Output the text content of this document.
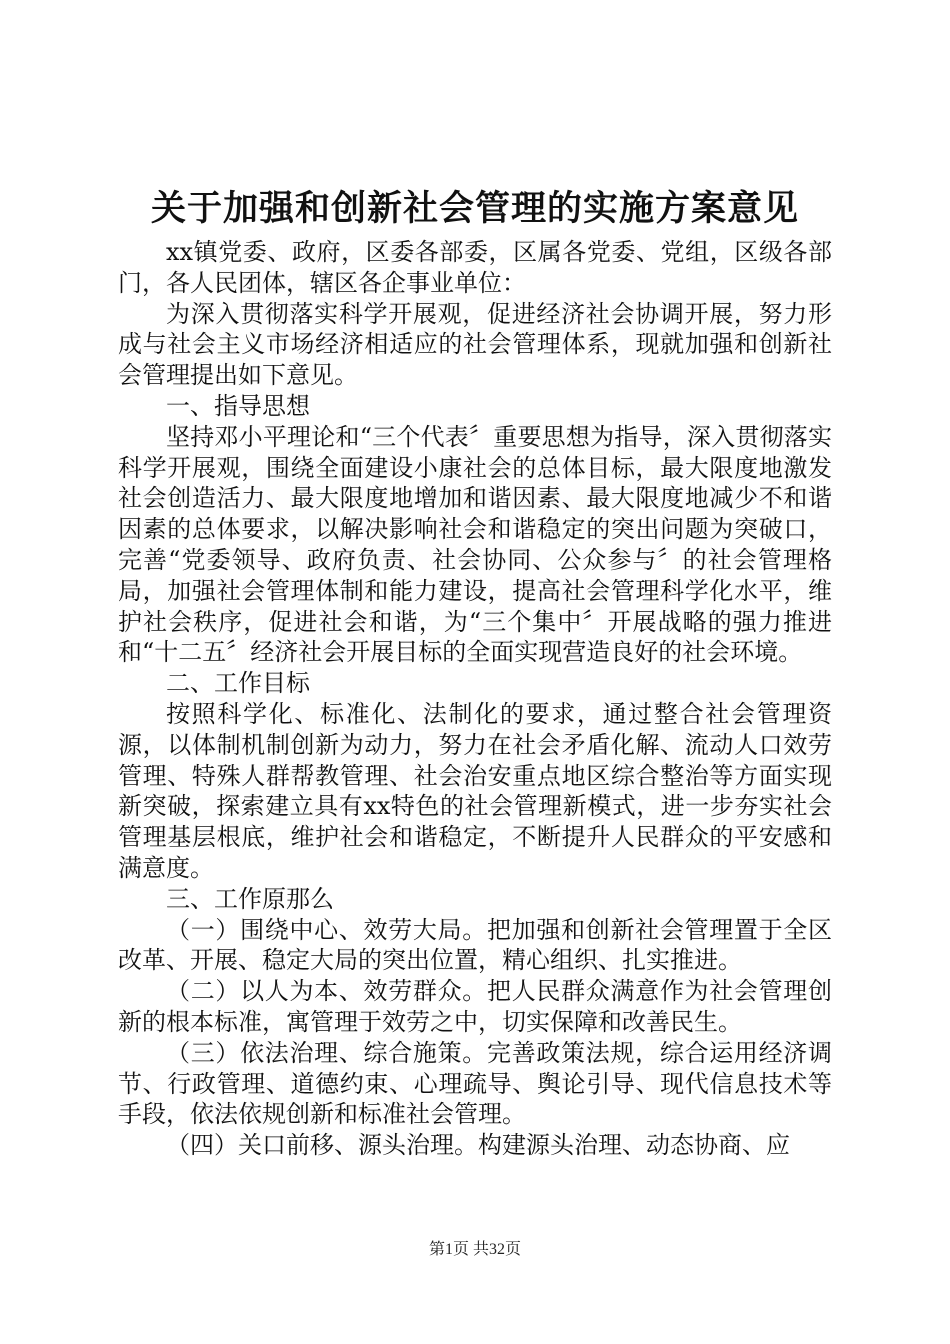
关于加强和创新社会管理的实施方案意见

xx镇党委、政府，区委各部委，区属各党委、党组，区级各部门，各人民团体，辖区各企事业单位：

为深入贯彻落实科学开展观，促进经济社会协调开展，努力形成与社会主义市场经济相适应的社会管理体系，现就加强和创新社会管理提出如下意见。

一、指导思想

坚持邓小平理论和“三个代表〞重要思想为指导，深入贯彻落实科学开展观，围绕全面建设小康社会的总体目标，最大限度地激发社会创造活力、最大限度地增加和谐因素、最大限度地减少不和谐因素的总体要求，以解决影响社会和谐稳定的突出问题为突破口，完善“党委领导、政府负责、社会协同、公众参与〞的社会管理格局，加强社会管理体制和能力建设，提高社会管理科学化水平，维护社会秩序，促进社会和谐，为“三个集中〞开展战略的强力推进和“十二五〞经济社会开展目标的全面实现营造良好的社会环境。

二、工作目标

按照科学化、标准化、法制化的要求，通过整合社会管理资源，以体制机制创新为动力，努力在社会矛盾化解、流动人口效劳管理、特殊人群帮教管理、社会治安重点地区综合整治等方面实现新突破，探索建立具有xx特色的社会管理新模式，进一步夯实社会管理基层根底，维护社会和谐稳定，不断提升人民群众的平安感和满意度。

三、工作原那么

（一）围绕中心、效劳大局。把加强和创新社会管理置于全区改革、开展、稳定大局的突出位置，精心组织、扎实推进。

（二）以人为本、效劳群众。把人民群众满意作为社会管理创新的根本标准，寓管理于效劳之中，切实保障和改善民生。

（三）依法治理、综合施策。完善政策法规，综合运用经济调节、行政管理、道德约束、心理疏导、舆论引导、现代信息技术等手段，依法依规创新和标准社会管理。

（四）关口前移、源头治理。构建源头治理、动态协商、应

第1页 共32页
